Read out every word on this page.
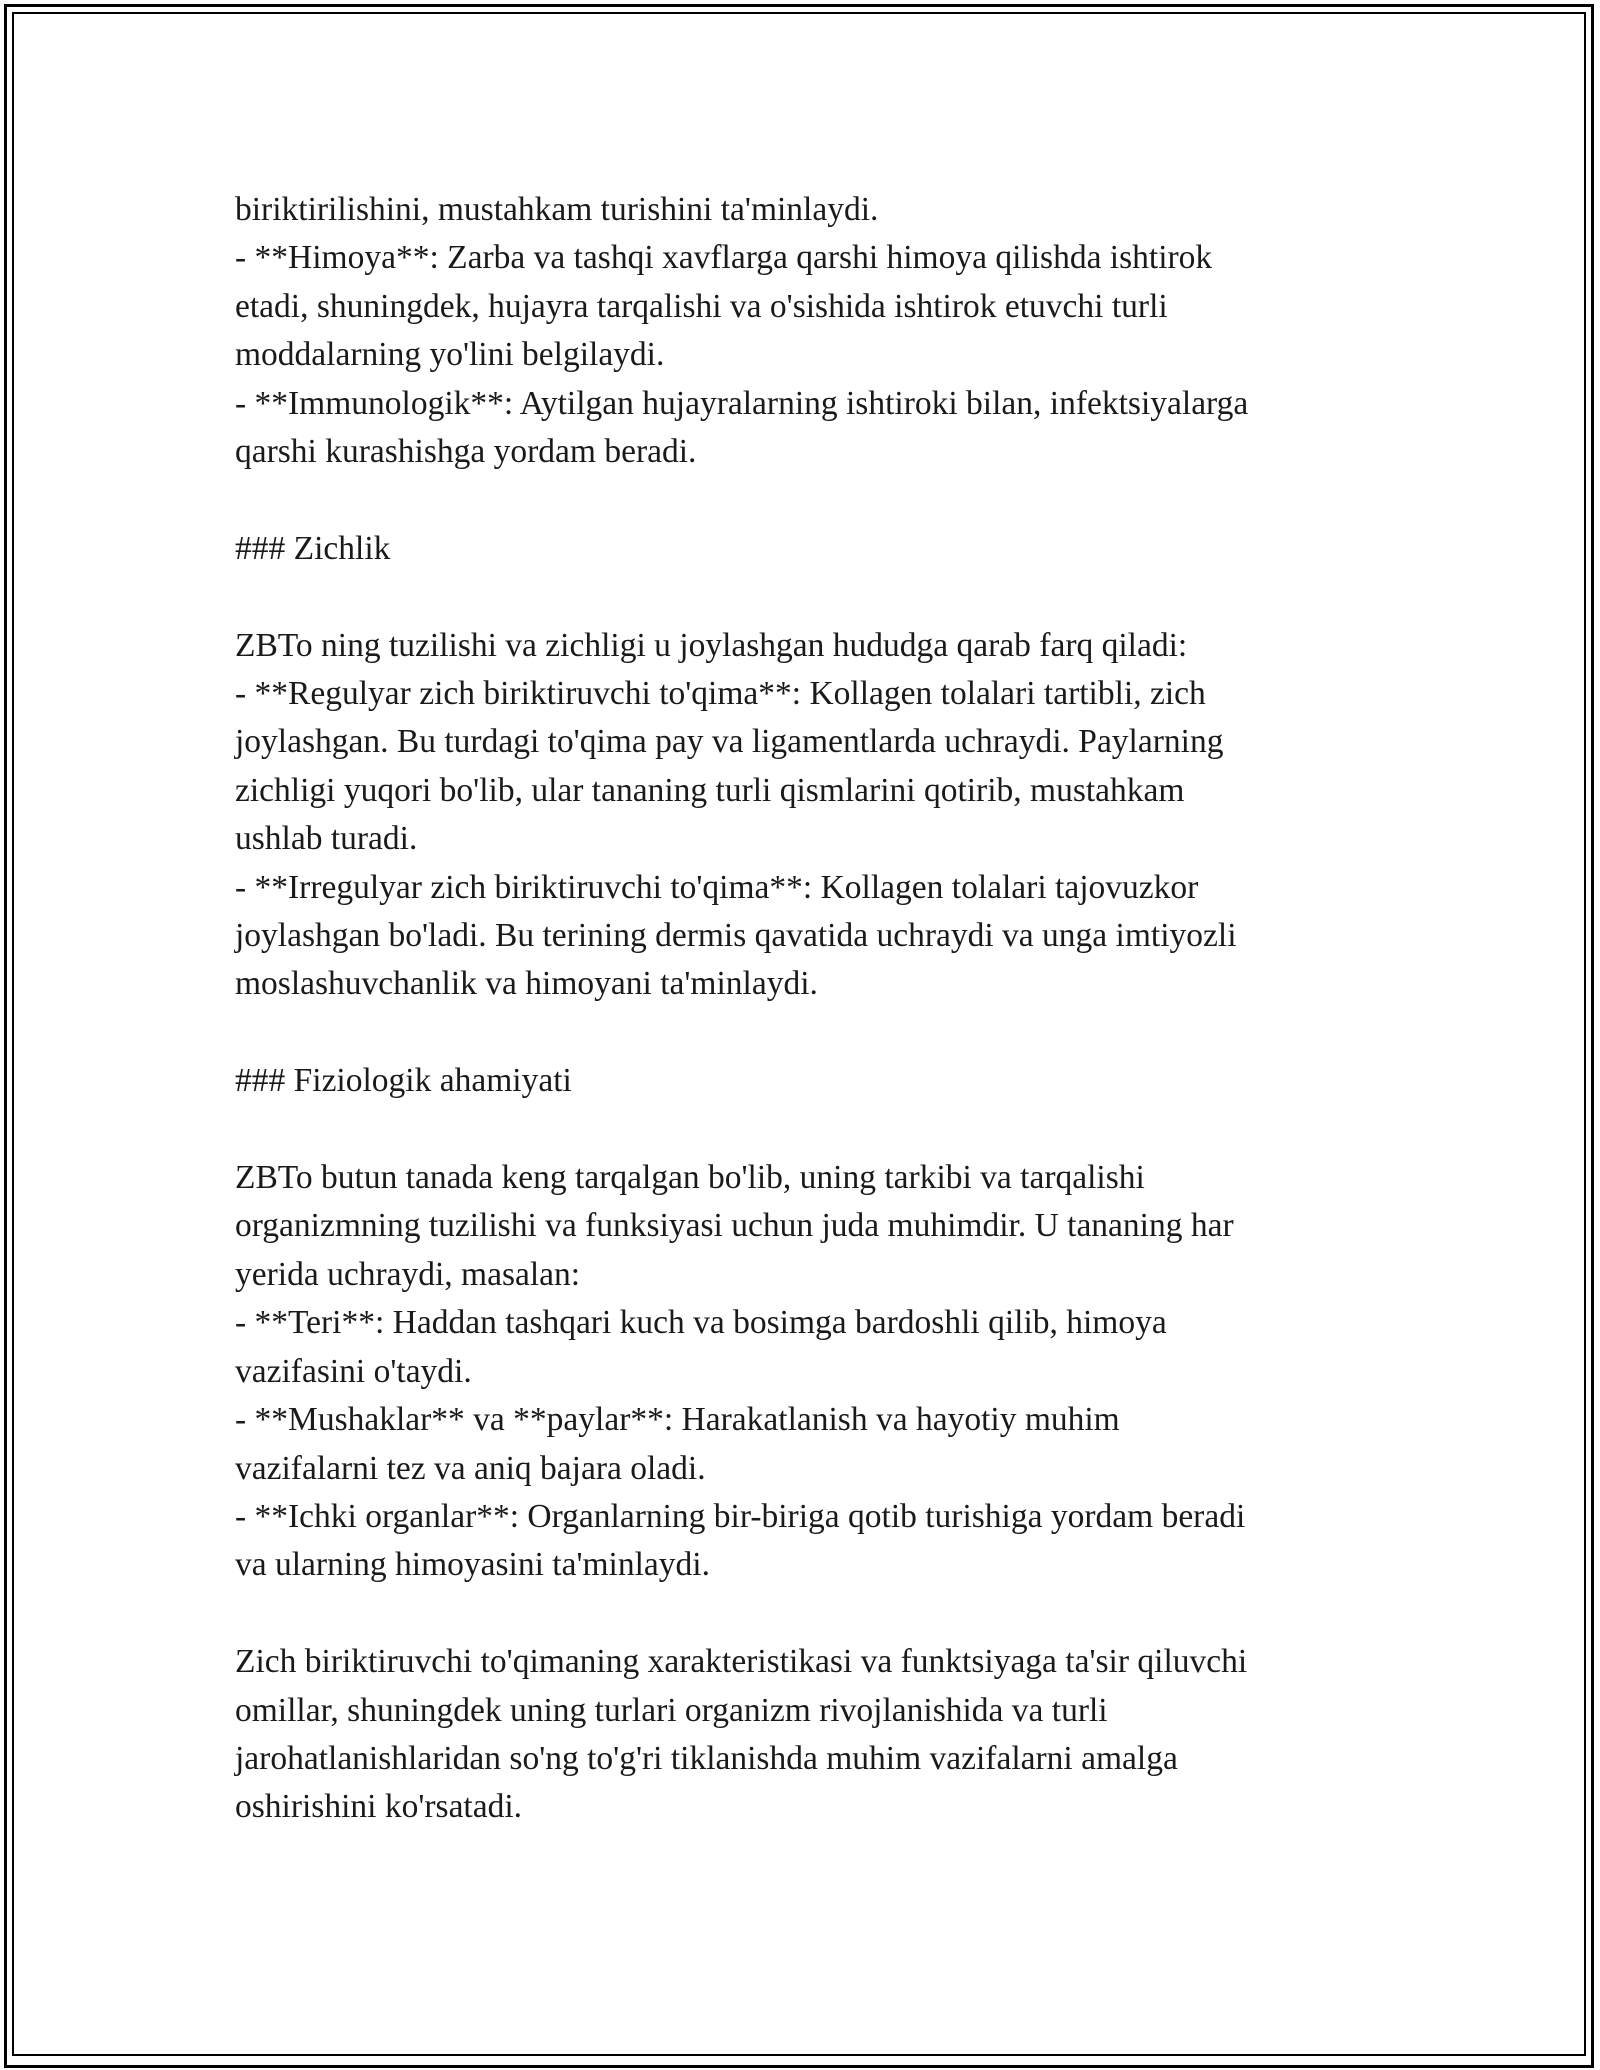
biriktirilishini, mustahkam turishini ta'minlaydi.
- **Himoya**: Zarba va tashqi xavflarga qarshi himoya qilishda ishtirok
etadi, shuningdek, hujayra tarqalishi va o'sishida ishtirok etuvchi turli
moddalarning yo'lini belgilaydi.
- **Immunologik**: Aytilgan hujayralarning ishtiroki bilan, infektsiyalarga
qarshi kurashishga yordam beradi.
### Zichlik
ZBTo ning tuzilishi va zichligi u joylashgan hududga qarab farq qiladi:
- **Regulyar zich biriktiruvchi to'qima**: Kollagen tolalari tartibli, zich
joylashgan. Bu turdagi to'qima pay va ligamentlarda uchraydi. Paylarning
zichligi yuqori bo'lib, ular tananing turli qismlarini qotirib, mustahkam
ushlab turadi.
- **Irregulyar zich biriktiruvchi to'qima**: Kollagen tolalari tajovuzkor
joylashgan bo'ladi. Bu terining dermis qavatida uchraydi va unga imtiyozli
moslashuvchanlik va himoyani ta'minlaydi.
### Fiziologik ahamiyati
ZBTo butun tanada keng tarqalgan bo'lib, uning tarkibi va tarqalishi
organizmning tuzilishi va funksiyasi uchun juda muhimdir. U tananing har
yerida uchraydi, masalan:
- **Teri**: Haddan tashqari kuch va bosimga bardoshli qilib, himoya
vazifasini o'taydi.
- **Mushaklar** va **paylar**: Harakatlanish va hayotiy muhim
vazifalarni tez va aniq bajara oladi.
- **Ichki organlar**: Organlarning bir-biriga qotib turishiga yordam beradi
va ularning himoyasini ta'minlaydi.
Zich biriktiruvchi to'qimaning xarakteristikasi va funktsiyaga ta'sir qiluvchi
omillar, shuningdek uning turlari organizm rivojlanishida va turli
jarohatlanishlaridan so'ng to'g'ri tiklanishda muhim vazifalarni amalga
oshirishini ko'rsatadi.
